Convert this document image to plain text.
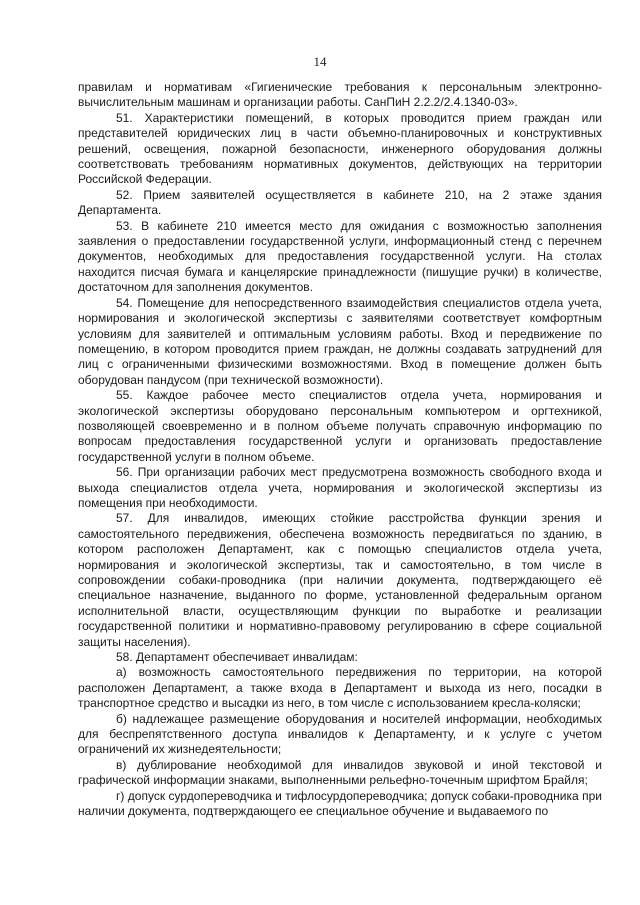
14

правилам и нормативам «Гигиенические требования к персональным электронно-вычислительным машинам и организации работы. СанПиН 2.2.2/2.4.1340-03».

51. Характеристики помещений, в которых проводится прием граждан или представителей юридических лиц в части объемно-планировочных и конструктивных решений, освещения, пожарной безопасности, инженерного оборудования должны соответствовать требованиям нормативных документов, действующих на территории Российской Федерации.

52. Прием заявителей осуществляется в кабинете 210, на 2 этаже здания Департамента.

53. В кабинете 210 имеется место для ожидания с возможностью заполнения заявления о предоставлении государственной услуги, информационный стенд с перечнем документов, необходимых для предоставления государственной услуги. На столах находится писчая бумага и канцелярские принадлежности (пишущие ручки) в количестве, достаточном для заполнения документов.

54. Помещение для непосредственного взаимодействия специалистов отдела учета, нормирования и экологической экспертизы с заявителями соответствует комфортным условиям для заявителей и оптимальным условиям работы. Вход и передвижение по помещению, в котором проводится прием граждан, не должны создавать затруднений для лиц с ограниченными физическими возможностями. Вход в помещение должен быть оборудован пандусом (при технической возможности).

55. Каждое рабочее место специалистов отдела учета, нормирования и экологической экспертизы оборудовано персональным компьютером и оргтехникой, позволяющей своевременно и в полном объеме получать справочную информацию по вопросам предоставления государственной услуги и организовать предоставление государственной услуги в полном объеме.

56. При организации рабочих мест предусмотрена возможность свободного входа и выхода специалистов отдела учета, нормирования и экологической экспертизы из помещения при необходимости.

57. Для инвалидов, имеющих стойкие расстройства функции зрения и самостоятельного передвижения, обеспечена возможность передвигаться по зданию, в котором расположен Департамент, как с помощью специалистов отдела учета, нормирования и экологической экспертизы, так и самостоятельно, в том числе в сопровождении собаки-проводника (при наличии документа, подтверждающего её специальное назначение, выданного по форме, установленной федеральным органом исполнительной власти, осуществляющим функции по выработке и реализации государственной политики и нормативно-правовому регулированию в сфере социальной защиты населения).

58. Департамент обеспечивает инвалидам:

а) возможность самостоятельного передвижения по территории, на которой расположен Департамент, а также входа в Департамент и выхода из него, посадки в транспортное средство и высадки из него, в том числе с использованием кресла-коляски;

б) надлежащее размещение оборудования и носителей информации, необходимых для беспрепятственного доступа инвалидов к Департаменту, и к услуге с учетом ограничений их жизнедеятельности;

в) дублирование необходимой для инвалидов звуковой и иной текстовой и графической информации знаками, выполненными рельефно-точечным шрифтом Брайля;

г) допуск сурдопереводчика и тифлосурдопереводчика; допуск собаки-проводника при наличии документа, подтверждающего ее специальное обучение и выдаваемого по
